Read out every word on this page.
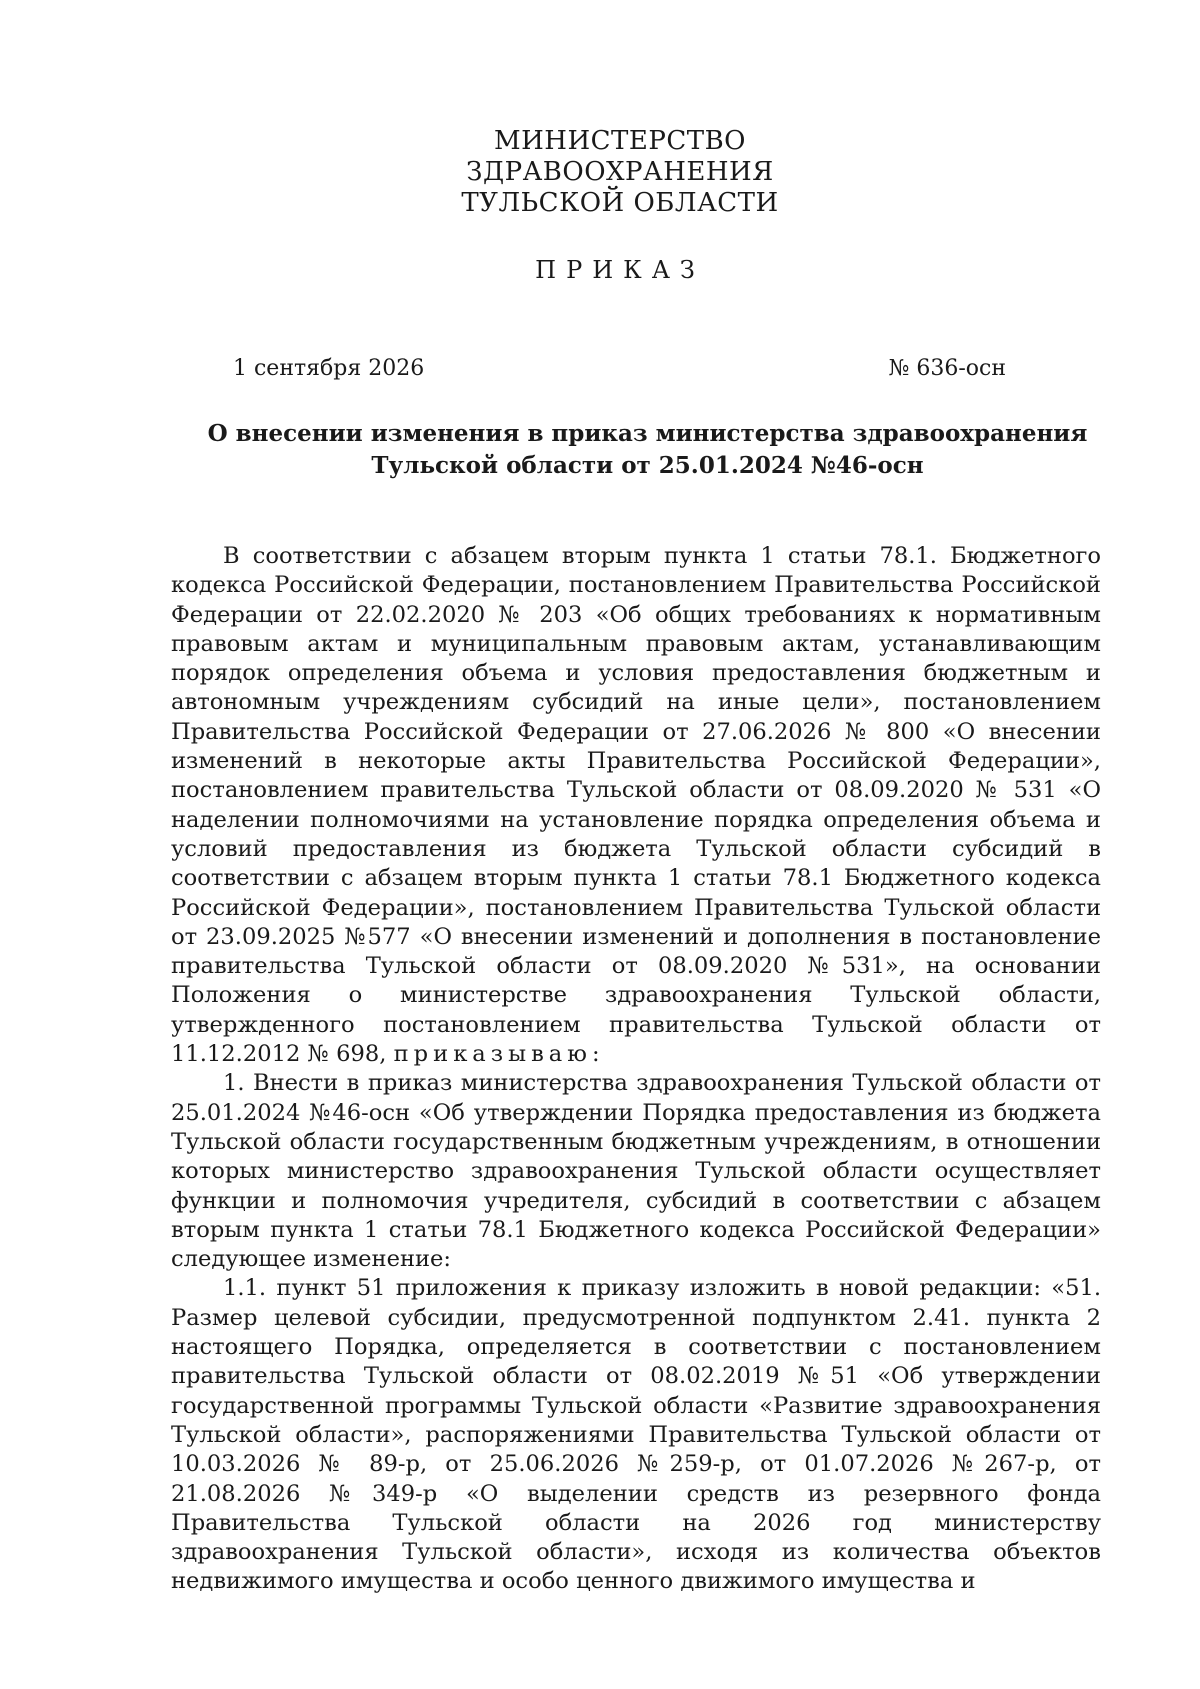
МИНИСТЕРСТВО
ЗДРАВООХРАНЕНИЯ
ТУЛЬСКОЙ ОБЛАСТИ
ПРИКАЗ
1 сентября 2026	№ 636-осн
О внесении изменения в приказ министерства здравоохранения
Тульской области от 25.01.2024 №46-осн

В соответствии с абзацем вторым пункта 1 статьи 78.1. Бюджетного кодекса Российской Федерации, постановлением Правительства Российской Федерации от 22.02.2020 № 203 «Об общих требованиях к нормативным правовым актам и муниципальным правовым актам, устанавливающим порядок определения объема и условия предоставления бюджетным и автономным учреждениям субсидий на иные цели», постановлением Правительства Российской Федерации от 27.06.2026 № 800 «О внесении изменений в некоторые акты Правительства Российской Федерации», постановлением правительства Тульской области от 08.09.2020 № 531 «О наделении полномочиями на установление порядка определения объема и условий предоставления из бюджета Тульской области субсидий в соответствии с абзацем вторым пункта 1 статьи 78.1 Бюджетного кодекса Российской Федерации», постановлением Правительства Тульской области от 23.09.2025 №577 «О внесении изменений и дополнения в постановление правительства Тульской области от 08.09.2020 №531», на основании Положения о министерстве здравоохранения Тульской области, утвержденного постановлением правительства Тульской области от 11.12.2012 № 698, приказываю:

1. Внести в приказ министерства здравоохранения Тульской области от 25.01.2024 №46-осн «Об утверждении Порядка предоставления из бюджета Тульской области государственным бюджетным учреждениям, в отношении которых министерство здравоохранения Тульской области осуществляет функции и полномочия учредителя, субсидий в соответствии с абзацем вторым пункта 1 статьи 78.1 Бюджетного кодекса Российской Федерации» следующее изменение:

1.1. пункт 51 приложения к приказу изложить в новой редакции: «51. Размер целевой субсидии, предусмотренной подпунктом 2.41. пункта 2 настоящего Порядка, определяется в соответствии с постановлением правительства Тульской области от 08.02.2019 №51 «Об утверждении государственной программы Тульской области «Развитие здравоохранения Тульской области», распоряжениями Правительства Тульской области от 10.03.2026 № 89-р, от 25.06.2026 №259-р, от 01.07.2026 №267-р, от 21.08.2026 №349-р «О выделении средств из резервного фонда Правительства Тульской области на 2026 год министерству здравоохранения Тульской области», исходя из количества объектов недвижимого имущества и особо ценного движимого имущества и
